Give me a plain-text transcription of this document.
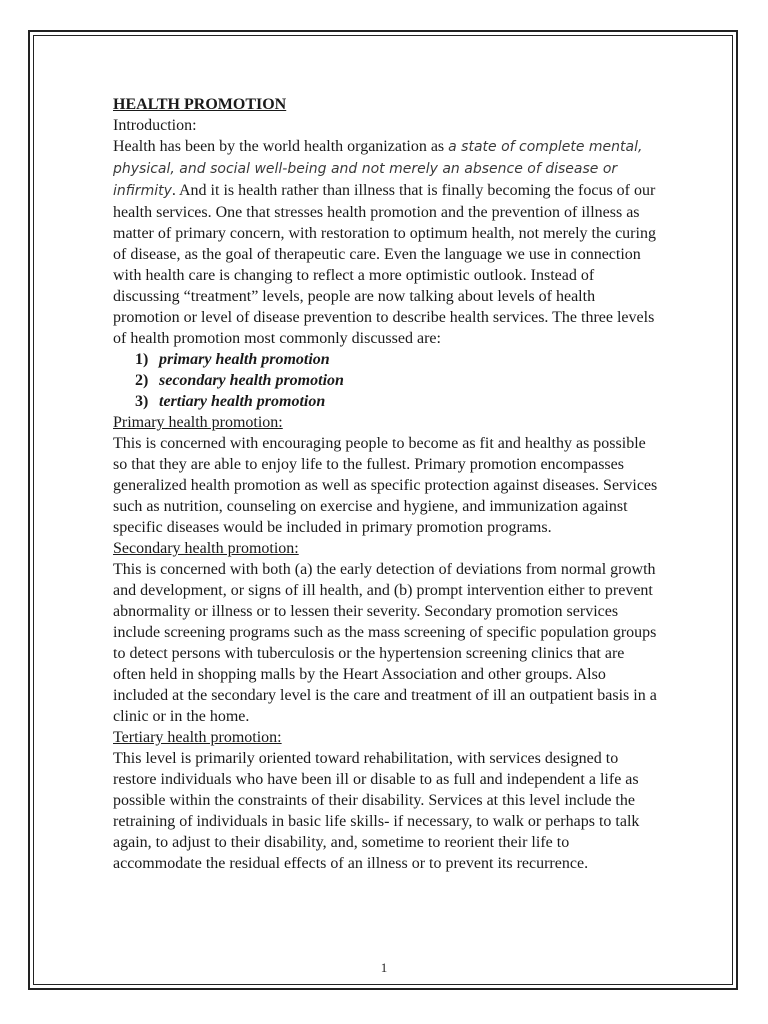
HEALTH PROMOTION

Introduction:

Health has been by the world health organization as a state of complete mental, physical, and social well-being and not merely an absence of disease or infirmity. And it is health rather than illness that is finally becoming the focus of our health services. One that stresses health promotion and the prevention of illness as matter of primary concern, with restoration to optimum health, not merely the curing of disease, as the goal of therapeutic care. Even the language we use in connection with health care is changing to reflect a more optimistic outlook. Instead of discussing “treatment” levels, people are now talking about levels of health promotion or level of disease prevention to describe health services. The three levels of health promotion most commonly discussed are:

1) primary health promotion
2) secondary health promotion
3) tertiary health promotion

Primary health promotion:

This is concerned with encouraging people to become as fit and healthy as possible so that they are able to enjoy life to the fullest. Primary promotion encompasses generalized health promotion as well as specific protection against diseases. Services such as nutrition, counseling on exercise and hygiene, and immunization against specific diseases would be included in primary promotion programs.

Secondary health promotion:

This is concerned with both (a) the early detection of deviations from normal growth and development, or signs of ill health, and (b) prompt intervention either to prevent abnormality or illness or to lessen their severity. Secondary promotion services include screening programs such as the mass screening of specific population groups to detect persons with tuberculosis or the hypertension screening clinics that are often held in shopping malls by the Heart Association and other groups. Also included at the secondary level is the care and treatment of ill an outpatient basis in a clinic or in the home.

Tertiary health promotion:

This level is primarily oriented toward rehabilitation, with services designed to restore individuals who have been ill or disable to as full and independent a life as possible within the constraints of their disability. Services at this level include the retraining of individuals in basic life skills- if necessary, to walk or perhaps to talk again, to adjust to their disability, and, sometime to reorient their life to accommodate the residual effects of an illness or to prevent its recurrence.

1
